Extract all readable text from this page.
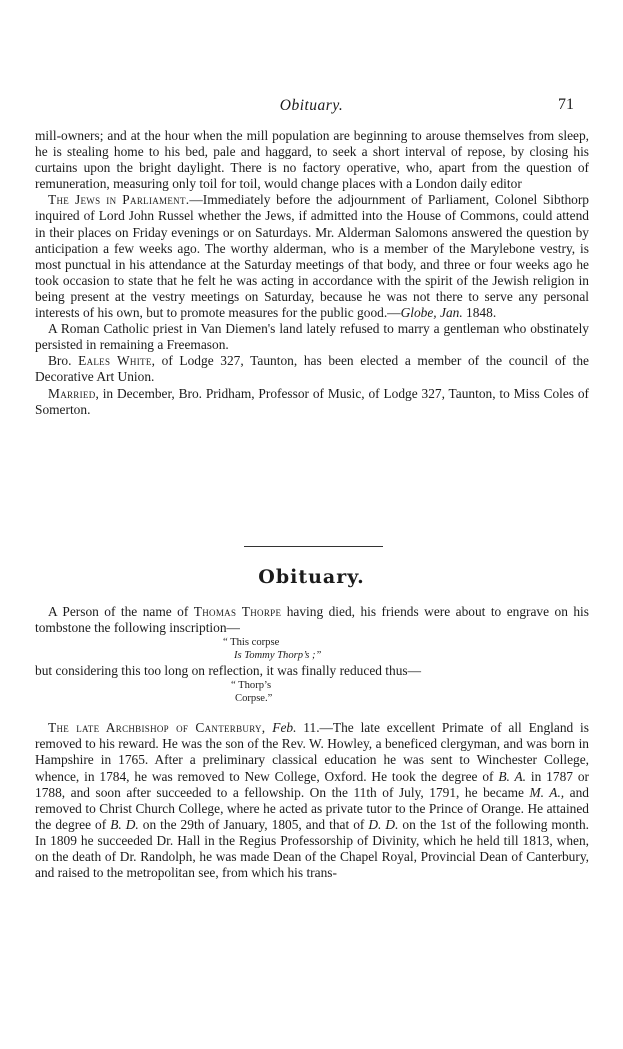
Obituary.	71

mill-owners; and at the hour when the mill population are beginning to arouse themselves from sleep, he is stealing home to his bed, pale and haggard, to seek a short interval of repose, by closing his curtains upon the bright daylight. There is no factory operative, who, apart from the question of remuneration, measuring only toil for toil, would change places with a London daily editor

The Jews in Parliament.—Immediately before the adjournment of Parliament, Colonel Sibthorp inquired of Lord John Russel whether the Jews, if admitted into the House of Commons, could attend in their places on Friday evenings or on Saturdays. Mr. Alderman Salomons answered the question by anticipation a few weeks ago. The worthy alderman, who is a member of the Marylebone vestry, is most punctual in his attendance at the Saturday meetings of that body, and three or four weeks ago he took occasion to state that he felt he was acting in accordance with the spirit of the Jewish religion in being present at the vestry meetings on Saturday, because he was not there to serve any personal interests of his own, but to promote measures for the public good.—Globe, Jan. 1848.

A Roman Catholic priest in Van Diemen's land lately refused to marry a gentleman who obstinately persisted in remaining a Freemason.

Bro. Eales White, of Lodge 327, Taunton, has been elected a member of the council of the Decorative Art Union.

Married, in December, Bro. Pridham, Professor of Music, of Lodge 327, Taunton, to Miss Coles of Somerton.

Obituary.

A Person of the name of Thomas Thorpe having died, his friends were about to engrave on his tombstone the following inscription—

“ This corpse
Is Tommy Thorp’s ;”

but considering this too long on reflection, it was finally reduced thus—

“ Thorp’s
Corpse.”

The late Archbishop of Canterbury, Feb. 11.—The late excellent Primate of all England is removed to his reward. He was the son of the Rev. W. Howley, a beneficed clergyman, and was born in Hampshire in 1765. After a preliminary classical education he was sent to Winchester College, whence, in 1784, he was removed to New College, Oxford. He took the degree of B. A. in 1787 or 1788, and soon after succeeded to a fellowship. On the 11th of July, 1791, he became M. A., and removed to Christ Church College, where he acted as private tutor to the Prince of Orange. He attained the degree of B. D. on the 29th of January, 1805, and that of D. D. on the 1st of the following month. In 1809 he succeeded Dr. Hall in the Regius Professorship of Divinity, which he held till 1813, when, on the death of Dr. Randolph, he was made Dean of the Chapel Royal, Provincial Dean of Canterbury, and raised to the metropolitan see, from which his trans-
